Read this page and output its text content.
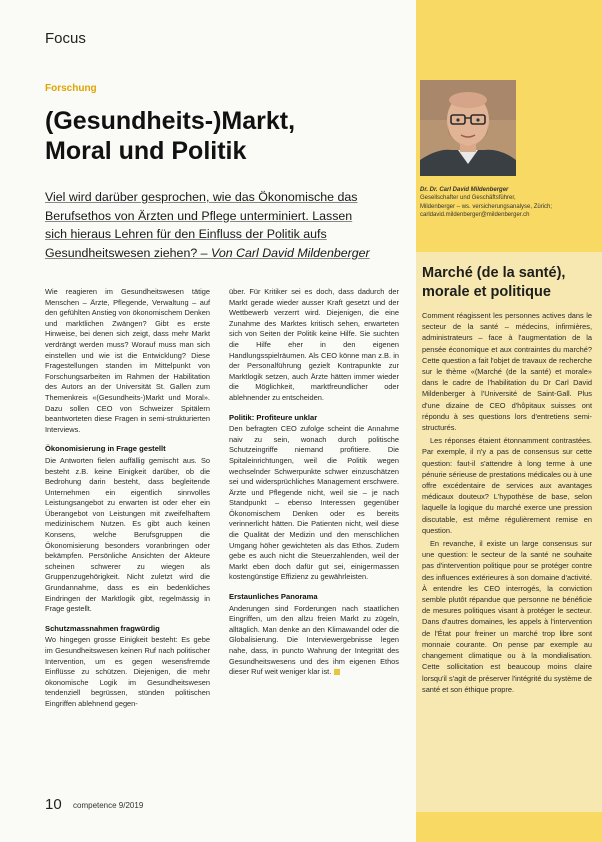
Focus
Forschung
(Gesundheits-)Markt,
Moral und Politik
Viel wird darüber gesprochen, wie das Ökonomische das
Berufsethos von Ärzten und Pflege unterminiert. Lassen
sich hieraus Lehren für den Einfluss der Politik aufs
Gesundheitswesen ziehen? – Von Carl David Mildenberger

Wie reagieren im Gesundheitswesen tätige Menschen – Ärzte, Pflegende, Verwaltung – auf den gefühlten Anstieg von ökonomischem Denken und marktlichen Zwängen? Gibt es erste Hinweise, bei denen sich zeigt, dass mehr Markt verdrängt werden muss? Worauf muss man sich einstellen und wie ist die Entwicklung? Diese Fragestellungen standen im Mittelpunkt von Forschungsarbeiten im Rahmen der Habilitation des Autors an der Universität St. Gallen zum Themenkreis «(Gesundheits-)Markt und Moral». Dazu sollen CEO von Schweizer Spitälern beantworteten diese Fragen in semi-strukturierten Interviews.

Ökonomisierung in Frage gestellt

Die Antworten fielen auffällig gemischt aus. So besteht z.B. keine Einigkeit darüber, ob die Bedrohung darin besteht, dass begleitende Unternehmen ein eigentlich sinnvolles Leistungsangebot zu erwarten ist oder eher ein Überangebot von Leistungen mit zweifelhaftem medizinischem Nutzen. Es gibt auch keinen Konsens, welche Berufsgruppen die Ökonomisierung besonders voranbringen oder bekämpfen. Persönliche Ansichten der Akteure scheinen schwerer zu wiegen als Gruppenzugehörigkeit. Nicht zuletzt wird die Grundannahme, dass es ein bedenkliches Eindringen der Marktlogik gibt, regelmässig in Frage gestellt.

Schutzmassnahmen fragwürdig

Wo hingegen grosse Einigkeit besteht: Es gebe im Gesundheitswesen keinen Ruf nach politischer Intervention, um es gegen wesensfremde Einflüsse zu schützen. Diejenigen, die mehr ökonomische Logik im Gesundheitswesen tendenziell begrüssen, stünden politischen Eingriffen ablehnend gegen-

über. Für Kritiker sei es doch, dass dadurch der Markt gerade wieder ausser Kraft gesetzt und der Wettbewerb verzerrt wird. Diejenigen, die eine Zunahme des Marktes kritisch sehen, erwarteten sich von Seiten der Politik keine Hilfe. Sie suchten die Hilfe eher in den eigenen Handlungsspielräumen. Als CEO könne man z.B. in der Personalführung gezielt Kontrapunkte zur Marktlogik setzen, auch Ärzte hätten immer wieder die Möglichkeit, marktfreundlicher oder ablehnender zu entscheiden.

Politik: Profiteure unklar

Den befragten CEO zufolge scheint die Annahme naiv zu sein, wonach durch politische Schutzeingriffe niemand profitiere. Die Spitaleinrichtungen, weil die Politik wegen wechselnder Schwerpunkte schwer einzuschätzen sei und widersprüchliches Management erschwere. Ärzte und Pflegende nicht, weil sie – je nach Standpunkt – ebenso Interessen gegenüber Ökonomischem Denken oder es bereits verinnerlicht hätten. Die Patienten nicht, weil diese die Qualität der Medizin und den menschlichen Umgang höher gewichteten als das Ethos. Zudem gebe es auch nicht die Steuerzahlenden, weil der Markt eben doch dafür gut sei, einigermassen kostengünstige Effizienz zu gewährleisten.

Erstaunliches Panorama

Anderungen sind Forderungen nach staatlichen Eingriffen, um den allzu freien Markt zu zügeln, alltäglich. Man denke an den Klimawandel oder die Globalisierung. Die Interviewergebnisse legen nahe, dass, in puncto Wahrung der Integrität des Gesundheitswesens und des ihm eigenen Ethos dieser Ruf weit weniger klar ist.

10 competence 9/2019
Dr. Dr. Carl David Mildenberger
Gesellschafter und Geschäftsführer,
Mildenberger – ws. versicherungsanalyse, Zürich;
carldavid.mildenberger@mildenberger.ch
Marché (de la santé),
morale et politique

Comment réagissent les personnes actives dans le secteur de la santé – médecins, infirmières, administrateurs – face à l'augmentation de la pensée économique et aux contraintes du marché? Cette question a fait l'objet de travaux de recherche sur le thème «(Marché (de la santé) et morale» dans le cadre de l'habilitation du Dr Carl David Mildenberger à l'Université de Saint-Gall. Plus d'une dizaine de CEO d'hôpitaux suisses ont répondu à ses questions lors d'entretiens semi-structurés.

Les réponses étaient étonnamment contrastées. Par exemple, il n'y a pas de consensus sur cette question: faut-il s'attendre à long terme à une pénurie sérieuse de prestations médicales ou à une offre excédentaire de services aux avantages médicaux douteux? L'hypothèse de base, selon laquelle la logique du marché exerce une pression discutable, est même régulièrement remise en question.

En revanche, il existe un large consensus sur une question: le secteur de la santé ne souhaite pas d'intervention politique pour se protéger contre des influences extérieures à son domaine d'activité. À entendre les CEO interrogés, la conviction semble plutôt répandue que personne ne bénéficie de mesures politiques visant à protéger le secteur. Dans d'autres domaines, les appels à l'intervention de l'État pour freiner un marché trop libre sont monnaie courante. On pense par exemple au changement climatique ou à la mondialisation. Cette sollicitation est beaucoup moins claire lorsqu'il s'agit de préserver l'intégrité du système de santé et son éthique propre.
